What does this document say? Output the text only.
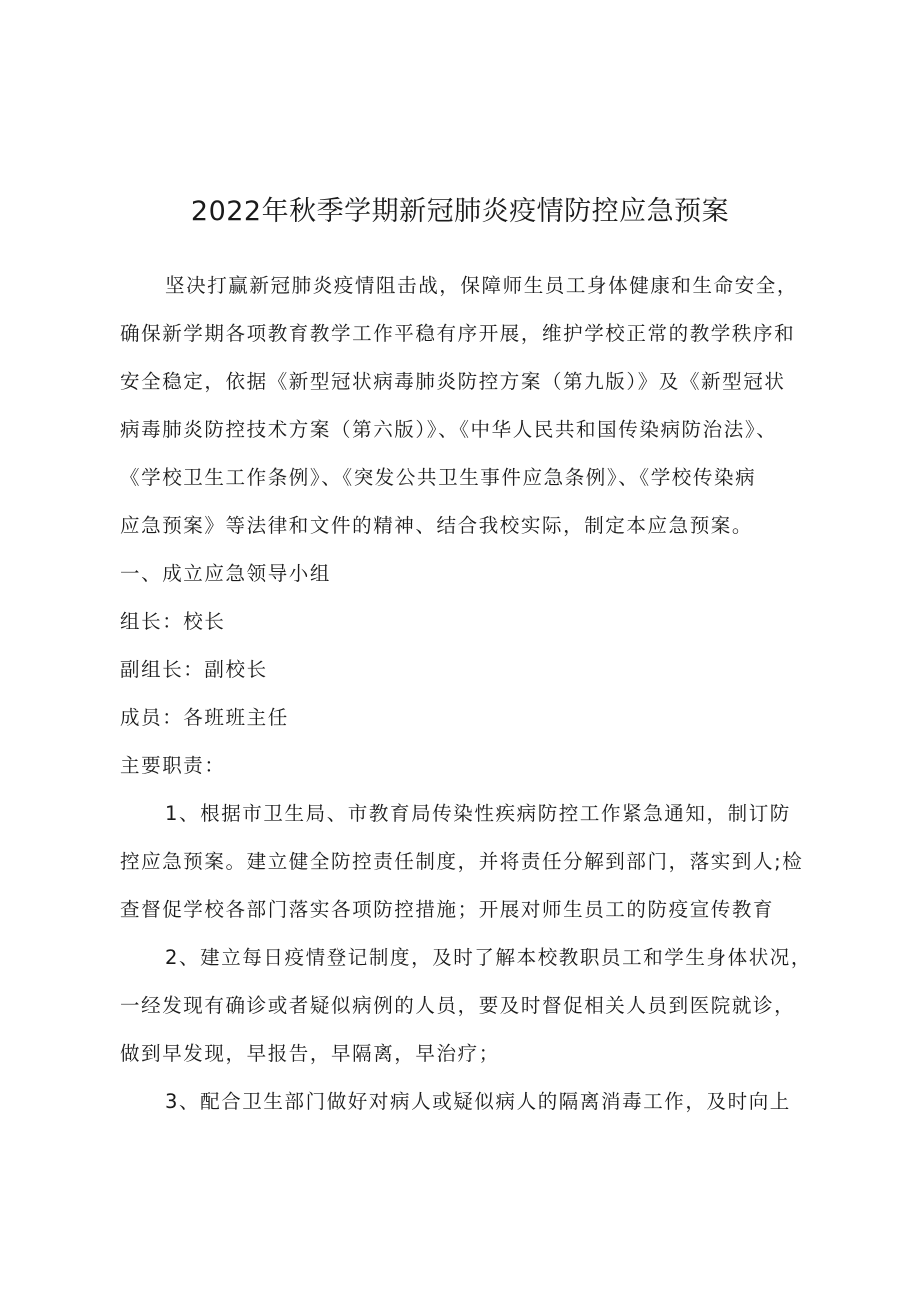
2022年秋季学期新冠肺炎疫情防控应急预案
坚决打赢新冠肺炎疫情阻击战，保障师生员工身体健康和生命安全，
确保新学期各项教育教学工作平稳有序开展，维护学校正常的教学秩序和
安全稳定，依据《新型冠状病毒肺炎防控方案（第九版）》及《新型冠状
病毒肺炎防控技术方案（第六版）》、《中华人民共和国传染病防治法》、
《学校卫生工作条例》、《突发公共卫生事件应急条例》、《学校传染病
应急预案》等法律和文件的精神、结合我校实际，制定本应急预案。
一、成立应急领导小组
组长：校长
副组长：副校长
成员：各班班主任
主要职责：
1、根据市卫生局、市教育局传染性疾病防控工作紧急通知，制订防
控应急预案。建立健全防控责任制度，并将责任分解到部门，落实到人;检
查督促学校各部门落实各项防控措施；开展对师生员工的防疫宣传教育
2、建立每日疫情登记制度，及时了解本校教职员工和学生身体状况，
一经发现有确诊或者疑似病例的人员，要及时督促相关人员到医院就诊，
做到早发现，早报告，早隔离，早治疗；
3、配合卫生部门做好对病人或疑似病人的隔离消毒工作，及时向上
